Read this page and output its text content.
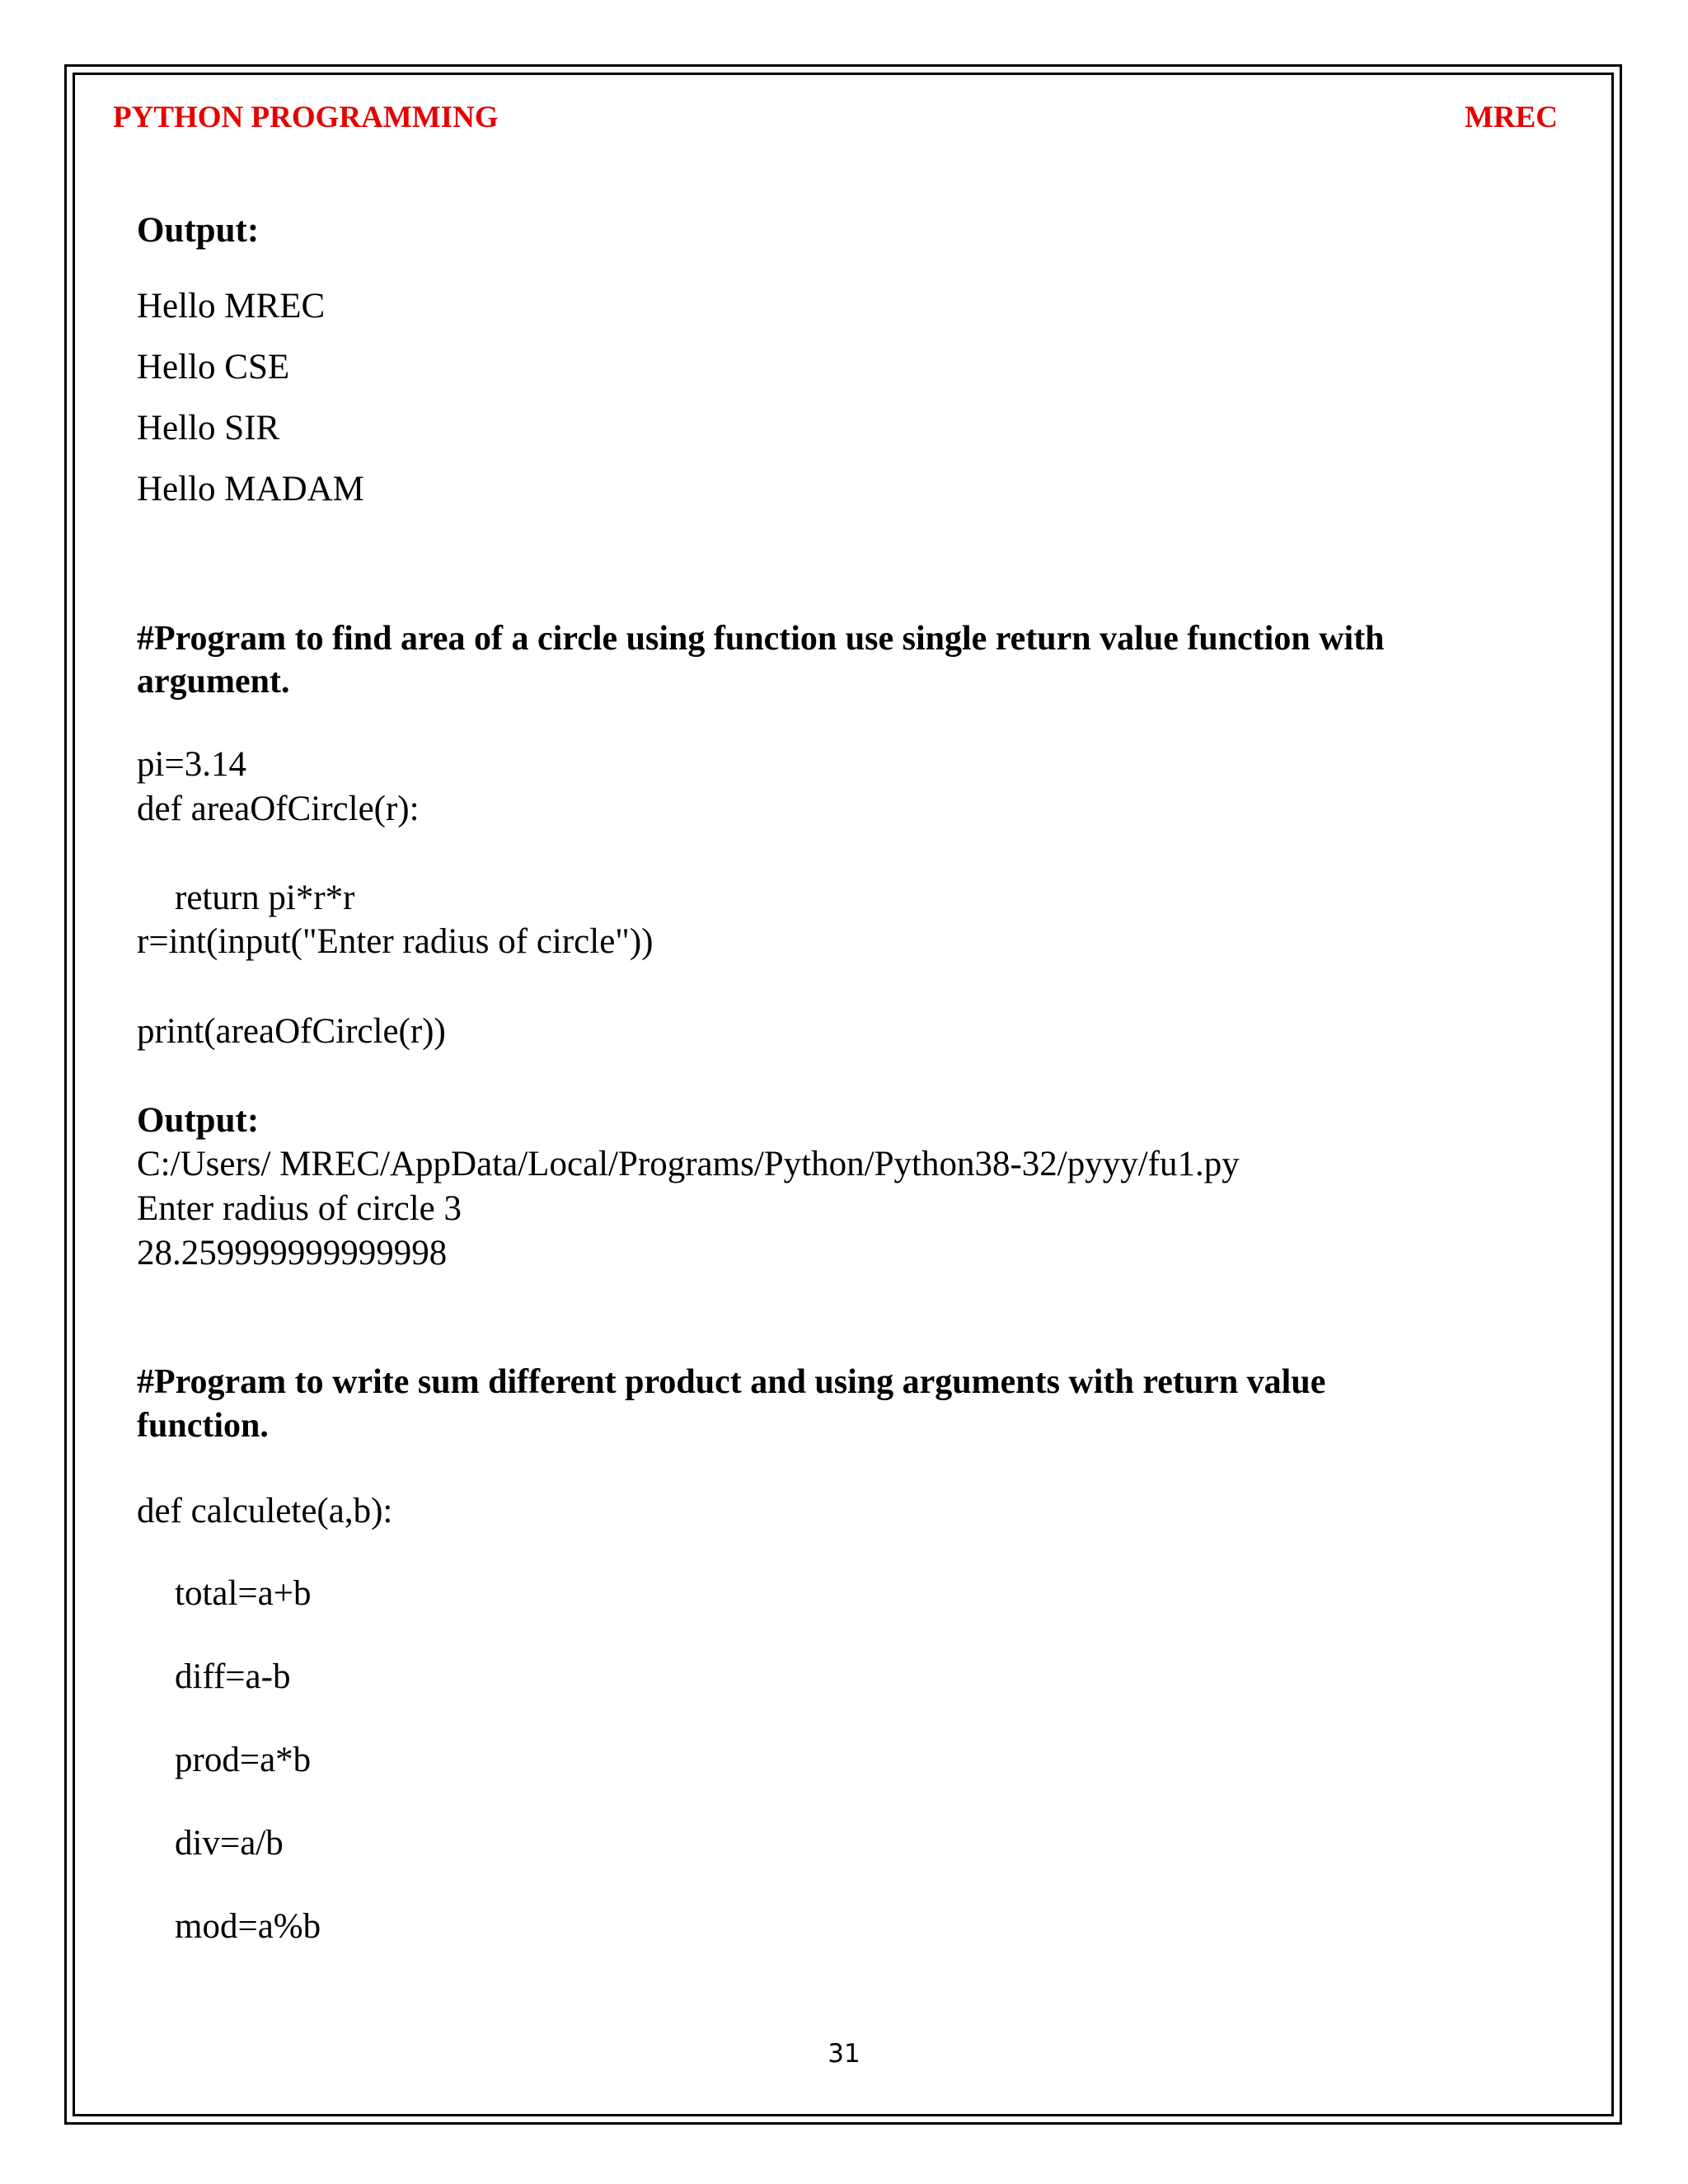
PYTHON PROGRAMMING	MREC
Output:
Hello MREC
Hello CSE
Hello SIR
Hello MADAM
#Program to find area of a circle using function use single return value function with
argument.
pi=3.14
def areaOfCircle(r):
return pi*r*r
r=int(input("Enter radius of circle"))
print(areaOfCircle(r))
Output:
C:/Users/ MREC/AppData/Local/Programs/Python/Python38-32/pyyy/fu1.py
Enter radius of circle 3
28.259999999999998
#Program to write sum different product and using arguments with return value
function.
def calculete(a,b):
total=a+b
diff=a-b
prod=a*b
div=a/b
mod=a%b
31
